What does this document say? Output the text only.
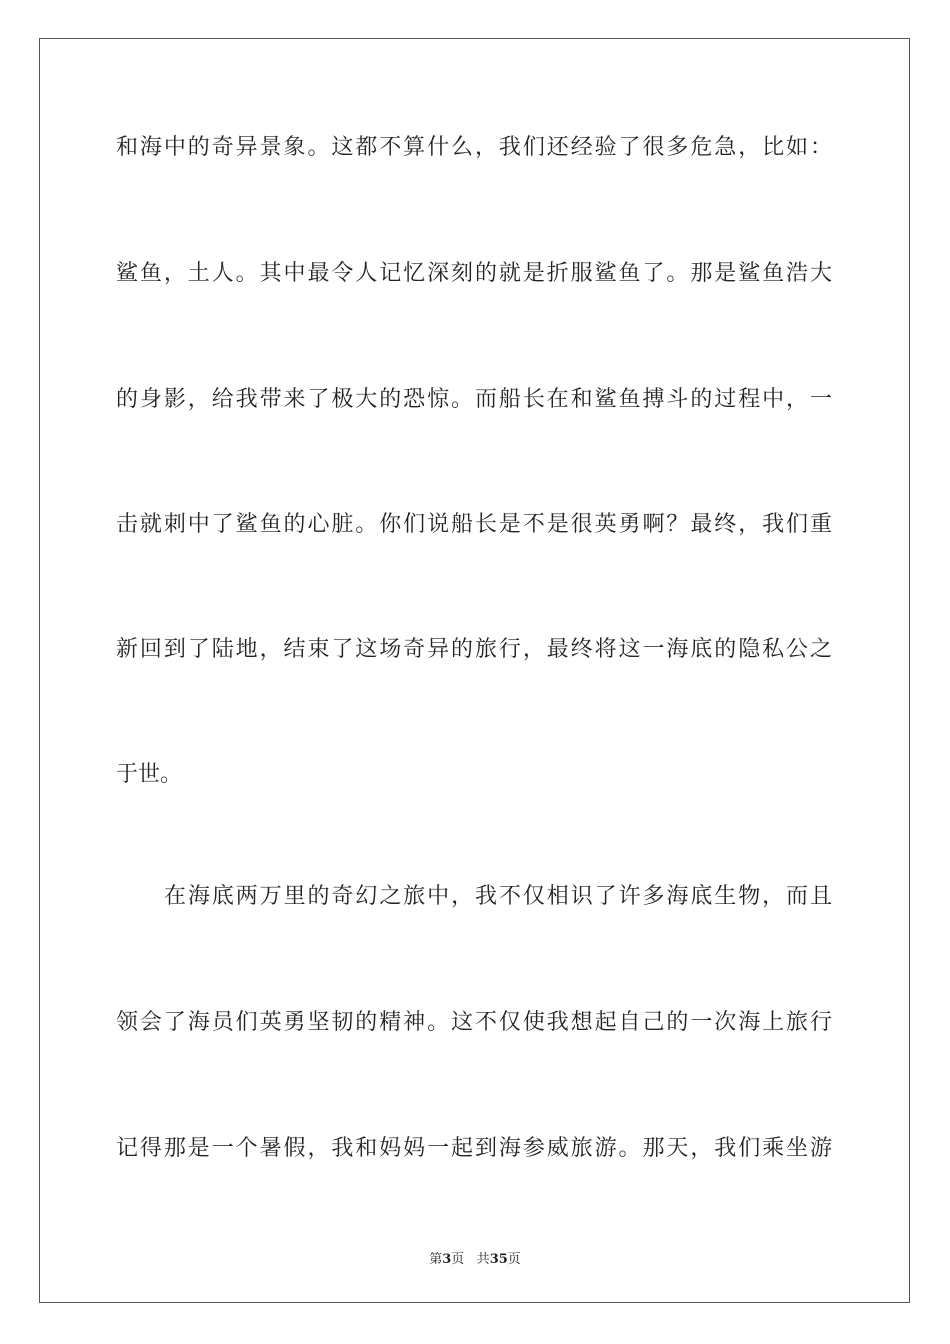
和海中的奇异景象。这都不算什么，我们还经验了很多危急，比如：
鲨鱼，土人。其中最令人记忆深刻的就是折服鲨鱼了。那是鲨鱼浩大
的身影，给我带来了极大的恐惊。而船长在和鲨鱼搏斗的过程中，一
击就刺中了鲨鱼的心脏。你们说船长是不是很英勇啊？最终，我们重
新回到了陆地，结束了这场奇异的旅行，最终将这一海底的隐私公之
于世。
在海底两万里的奇幻之旅中，我不仅相识了许多海底生物，而且
领会了海员们英勇坚韧的精神。这不仅使我想起自己的一次海上旅行
记得那是一个暑假，我和妈妈一起到海参威旅游。那天，我们乘坐游
第3页 共35页
